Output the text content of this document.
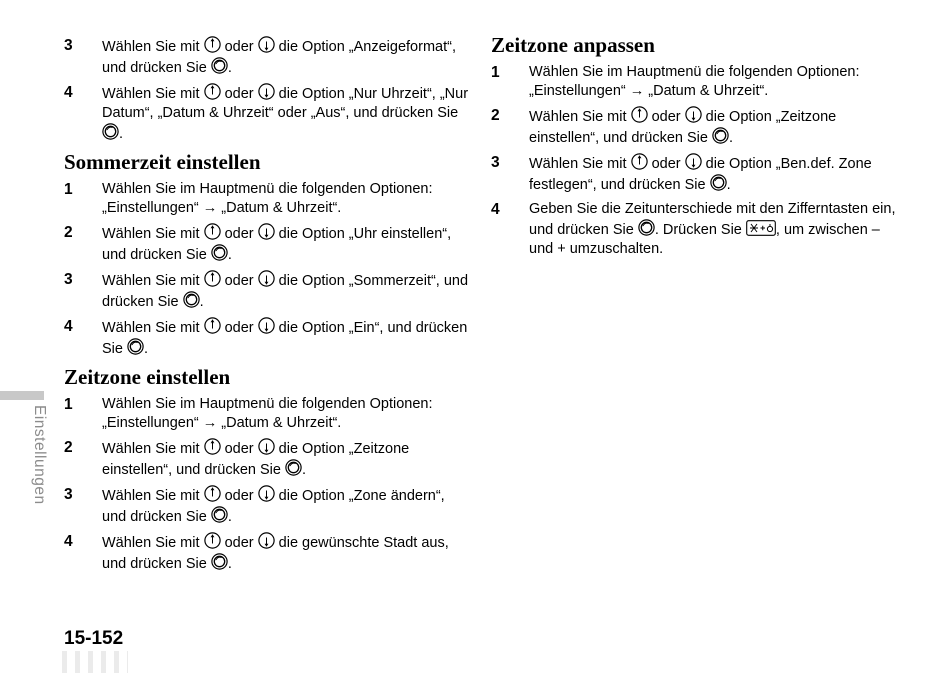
3	Wählen Sie mit  oder  die Option „Anzeigeformat“, und drücken Sie .
4	Wählen Sie mit  oder  die Option „Nur Uhrzeit“, „Nur Datum“, „Datum & Uhrzeit“ oder „Aus“, und drücken Sie .
Sommerzeit einstellen
1	Wählen Sie im Hauptmenü die folgenden Optionen: „Einstellungen“ → „Datum & Uhrzeit“.
2	Wählen Sie mit  oder  die Option „Uhr einstellen“, und drücken Sie .
3	Wählen Sie mit  oder  die Option „Sommerzeit“, und drücken Sie .
4	Wählen Sie mit  oder  die Option „Ein“, und drücken Sie .
Zeitzone einstellen
1	Wählen Sie im Hauptmenü die folgenden Optionen: „Einstellungen“ → „Datum & Uhrzeit“.
2	Wählen Sie mit  oder  die Option „Zeitzone einstellen“, und drücken Sie .
3	Wählen Sie mit  oder  die Option „Zone ändern“, und drücken Sie .
4	Wählen Sie mit  oder  die gewünschte Stadt aus, und drücken Sie .
Zeitzone anpassen
1	Wählen Sie im Hauptmenü die folgenden Optionen: „Einstellungen“ → „Datum & Uhrzeit“.
2	Wählen Sie mit  oder  die Option „Zeitzone einstellen“, und drücken Sie .
3	Wählen Sie mit  oder  die Option „Ben.def. Zone festlegen“, und drücken Sie .
4	Geben Sie die Zeitunterschiede mit den Zifferntasten ein, und drücken Sie . Drücken Sie , um zwischen – und + umzuschalten.
Einstellungen
15-152
